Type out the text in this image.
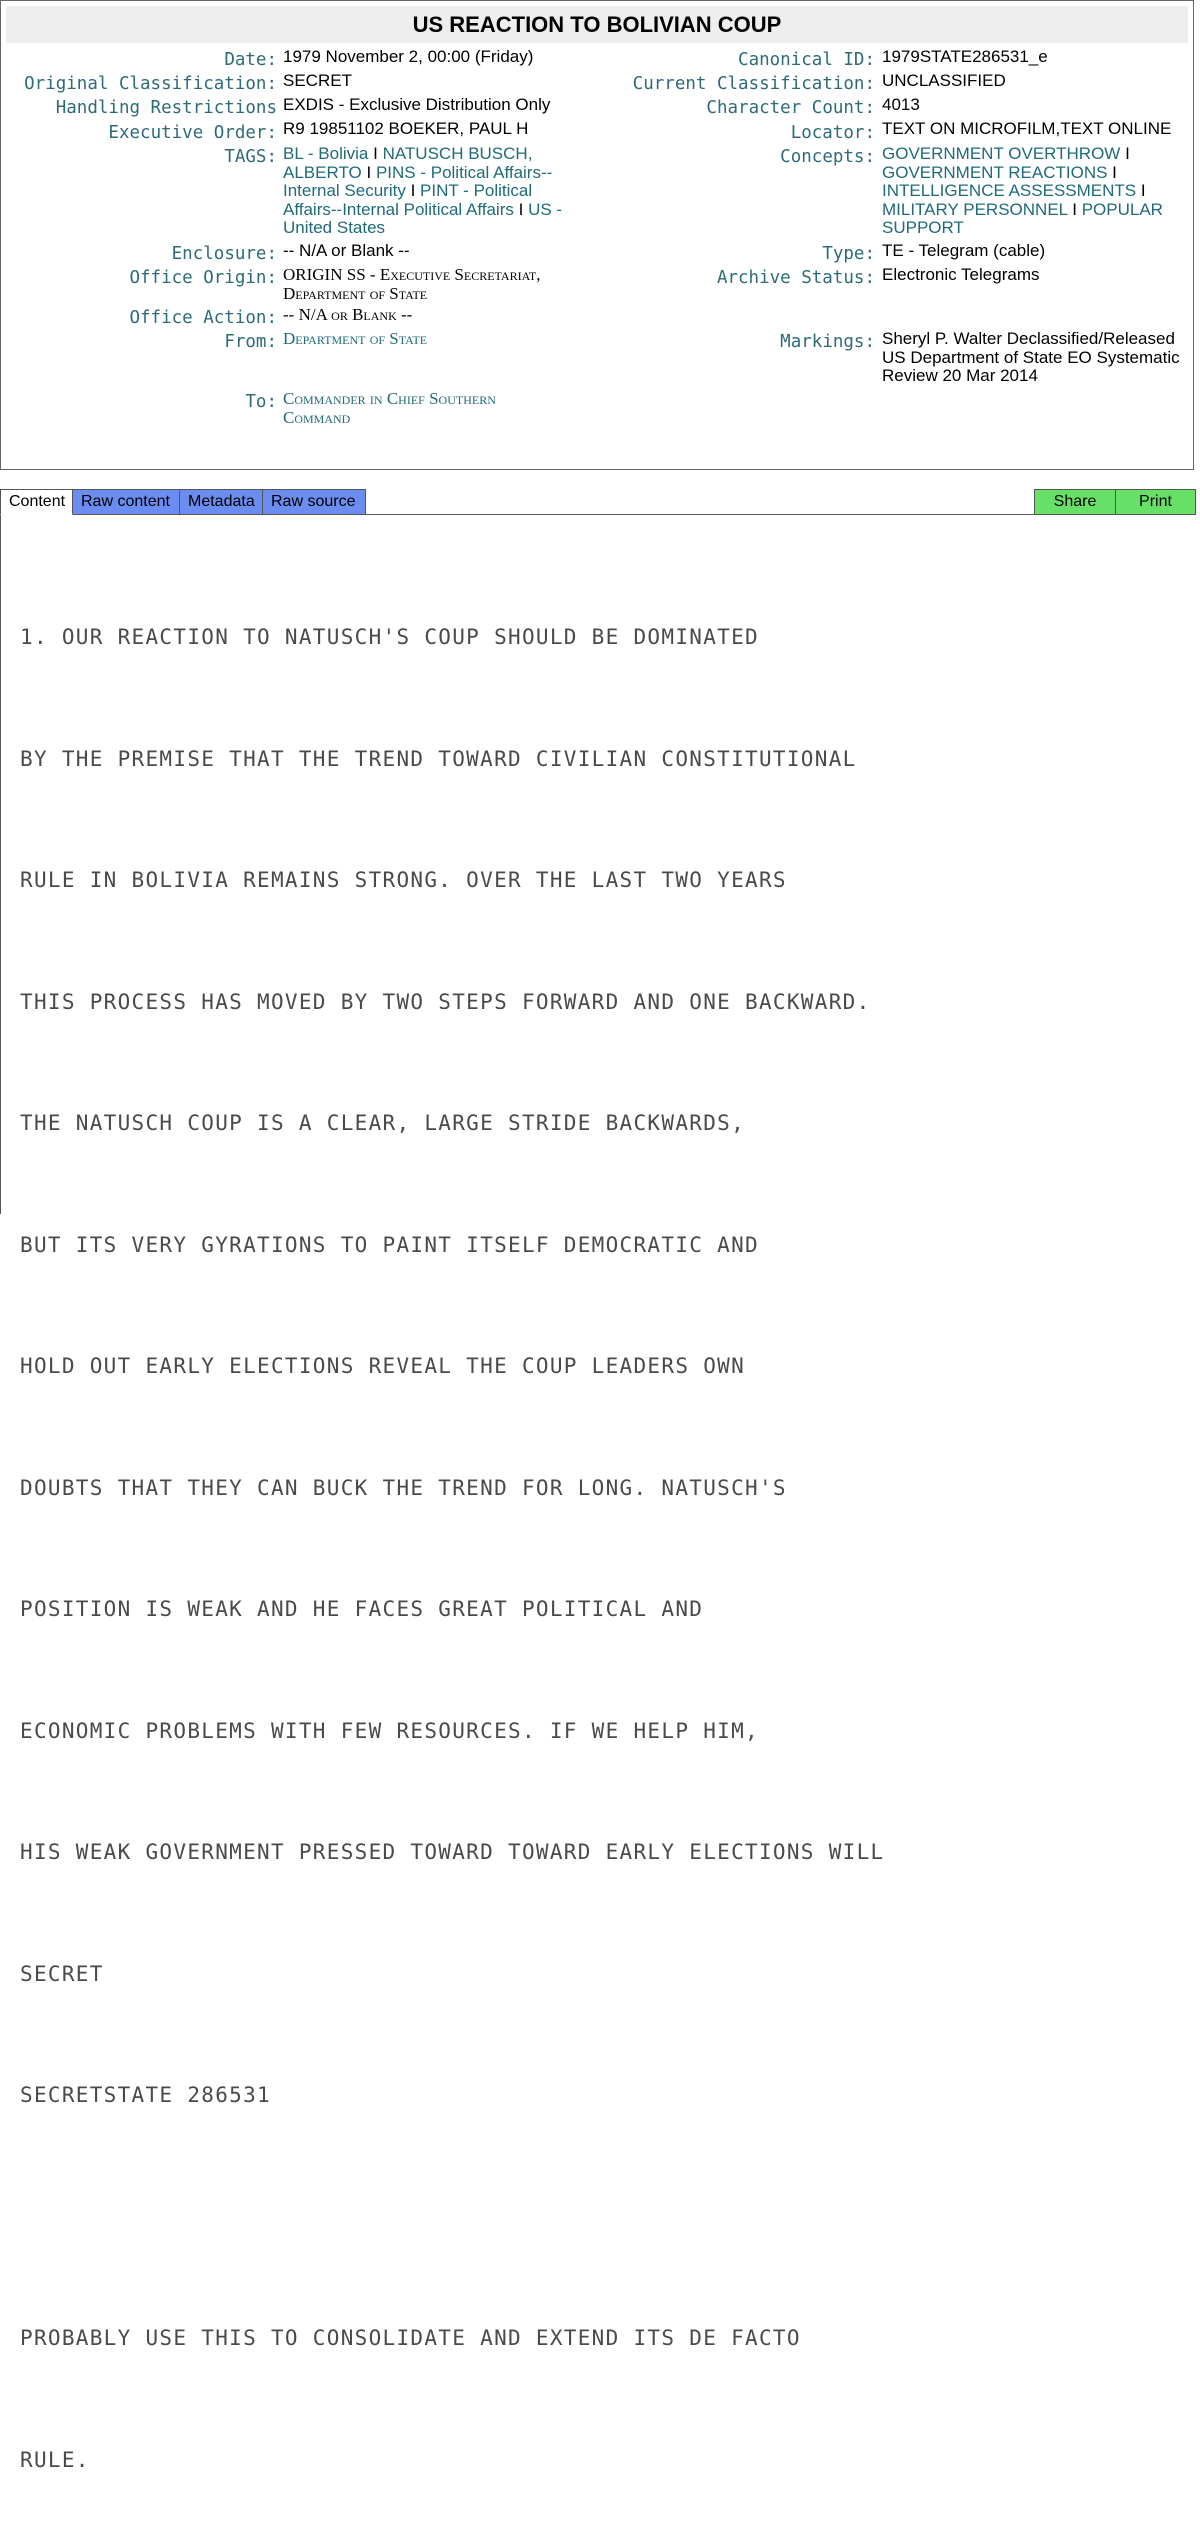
US REACTION TO BOLIVIAN COUP
Date: 1979 November 2, 00:00 (Friday)
Original Classification: SECRET
Handling Restrictions EXDIS - Exclusive Distribution Only
Executive Order: R9 19851102 BOEKER, PAUL H
TAGS: BL - Bolivia I NATUSCH BUSCH,
ALBERTO I PINS - Political Affairs--
Internal Security I PINT - Political
Affairs--Internal Political Affairs I US -
United States
Enclosure: -- N/A or Blank --
Office Origin: ORIGIN SS - Executive Secretariat,
Department of State
Office Action: -- N/A or Blank --
From: Department of State
To: Commander in Chief Southern
Command
Canonical ID: 1979STATE286531_e
Current Classification: UNCLASSIFIED
Character Count: 4013
Locator: TEXT ON MICROFILM,TEXT ONLINE
Concepts: GOVERNMENT OVERTHROW I
GOVERNMENT REACTIONS I
INTELLIGENCE ASSESSMENTS I
MILITARY PERSONNEL I POPULAR
SUPPORT
Type: TE - Telegram (cable)
Archive Status: Electronic Telegrams
Markings: Sheryl P. Walter Declassified/Released
US Department of State EO Systematic
Review 20 Mar 2014
Content Raw content	Metadata	Raw source	Share	Print

1. OUR REACTION TO NATUSCH'S COUP SHOULD BE DOMINATED

BY THE PREMISE THAT THE TREND TOWARD CIVILIAN CONSTITUTIONAL

RULE IN BOLIVIA REMAINS STRONG. OVER THE LAST TWO YEARS

THIS PROCESS HAS MOVED BY TWO STEPS FORWARD AND ONE BACKWARD.

THE NATUSCH COUP IS A CLEAR, LARGE STRIDE BACKWARDS,

BUT ITS VERY GYRATIONS TO PAINT ITSELF DEMOCRATIC AND

HOLD OUT EARLY ELECTIONS REVEAL THE COUP LEADERS OWN

DOUBTS THAT THEY CAN BUCK THE TREND FOR LONG. NATUSCH'S

POSITION IS WEAK AND HE FACES GREAT POLITICAL AND

ECONOMIC PROBLEMS WITH FEW RESOURCES. IF WE HELP HIM,

HIS WEAK GOVERNMENT PRESSED TOWARD TOWARD EARLY ELECTIONS WILL

SECRET

SECRETSTATE 286531

PROBABLY USE THIS TO CONSOLIDATE AND EXTEND ITS DE FACTO

RULE.
